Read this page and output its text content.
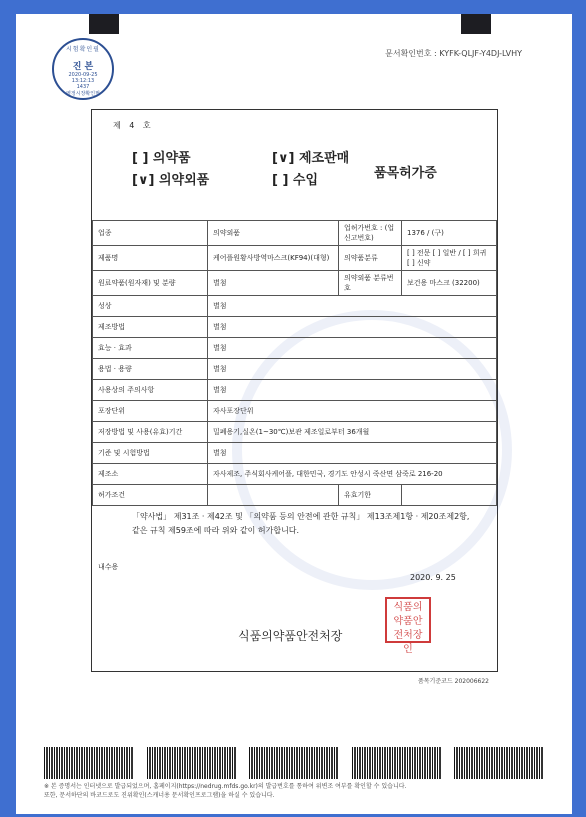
시험확인필
진 본
2020-09-25
13:12:13
1437
영정시장확인필
문서확인번호 : KYFK-QLJF-Y4DJ-LVHY
제 4 호
[ ] 의약품	[∨] 제조판매
[∨] 의약외품	[ ] 수입	품목허가증
업종	의약외품	업허가번호 : (업신고번호)	1376 / (구)
제품명	케어플원황사방역마스크(KF94)(대형)	의약품분류	[ ] 전문 [ ] 일반 / [ ] 희귀 [ ] 신약
원료약품(원자재) 및 분량	별첨	의약외품 분류번호	보건용 마스크 (32200)
성상	별첨		
제조방법	별첨		
효능 · 효과	별첨		
용법 · 용량	별첨		
사용상의 주의사항	별첨		
포장단위	자사포장단위		
저장방법 및 사용(유효)기간	밀폐용기,실온(1~30℃)보관 제조일로부터 36개월		
기준 및 시험방법	별첨		
제조소	자사제조, 주식회사케어플, 대한민국, 경기도 안성시 죽산면 삼죽로 216-20		
허가조건		유효기한	
「약사법」 제31조 · 제42조 및 「의약품 등의 안전에 관한 규칙」 제13조제1항 · 제20조제2항, 같은 규칙 제59조에 따라 위와 같이 허가합니다.
내수용
2020. 9. 25
식품의약품안전처장
식품의약품안전처장인
품목기준코드 202006622
※ 본 증명서는 인터넷으로 발급되었으며, 홈페이지(https://nedrug.mfds.go.kr)의 발급번호를 통하여 위변조 여부를 확인할 수 있습니다.
또한, 문서하단의 바코드로도 진위확인(스캐너용 문서확인프로그램)을 하실 수 있습니다.
